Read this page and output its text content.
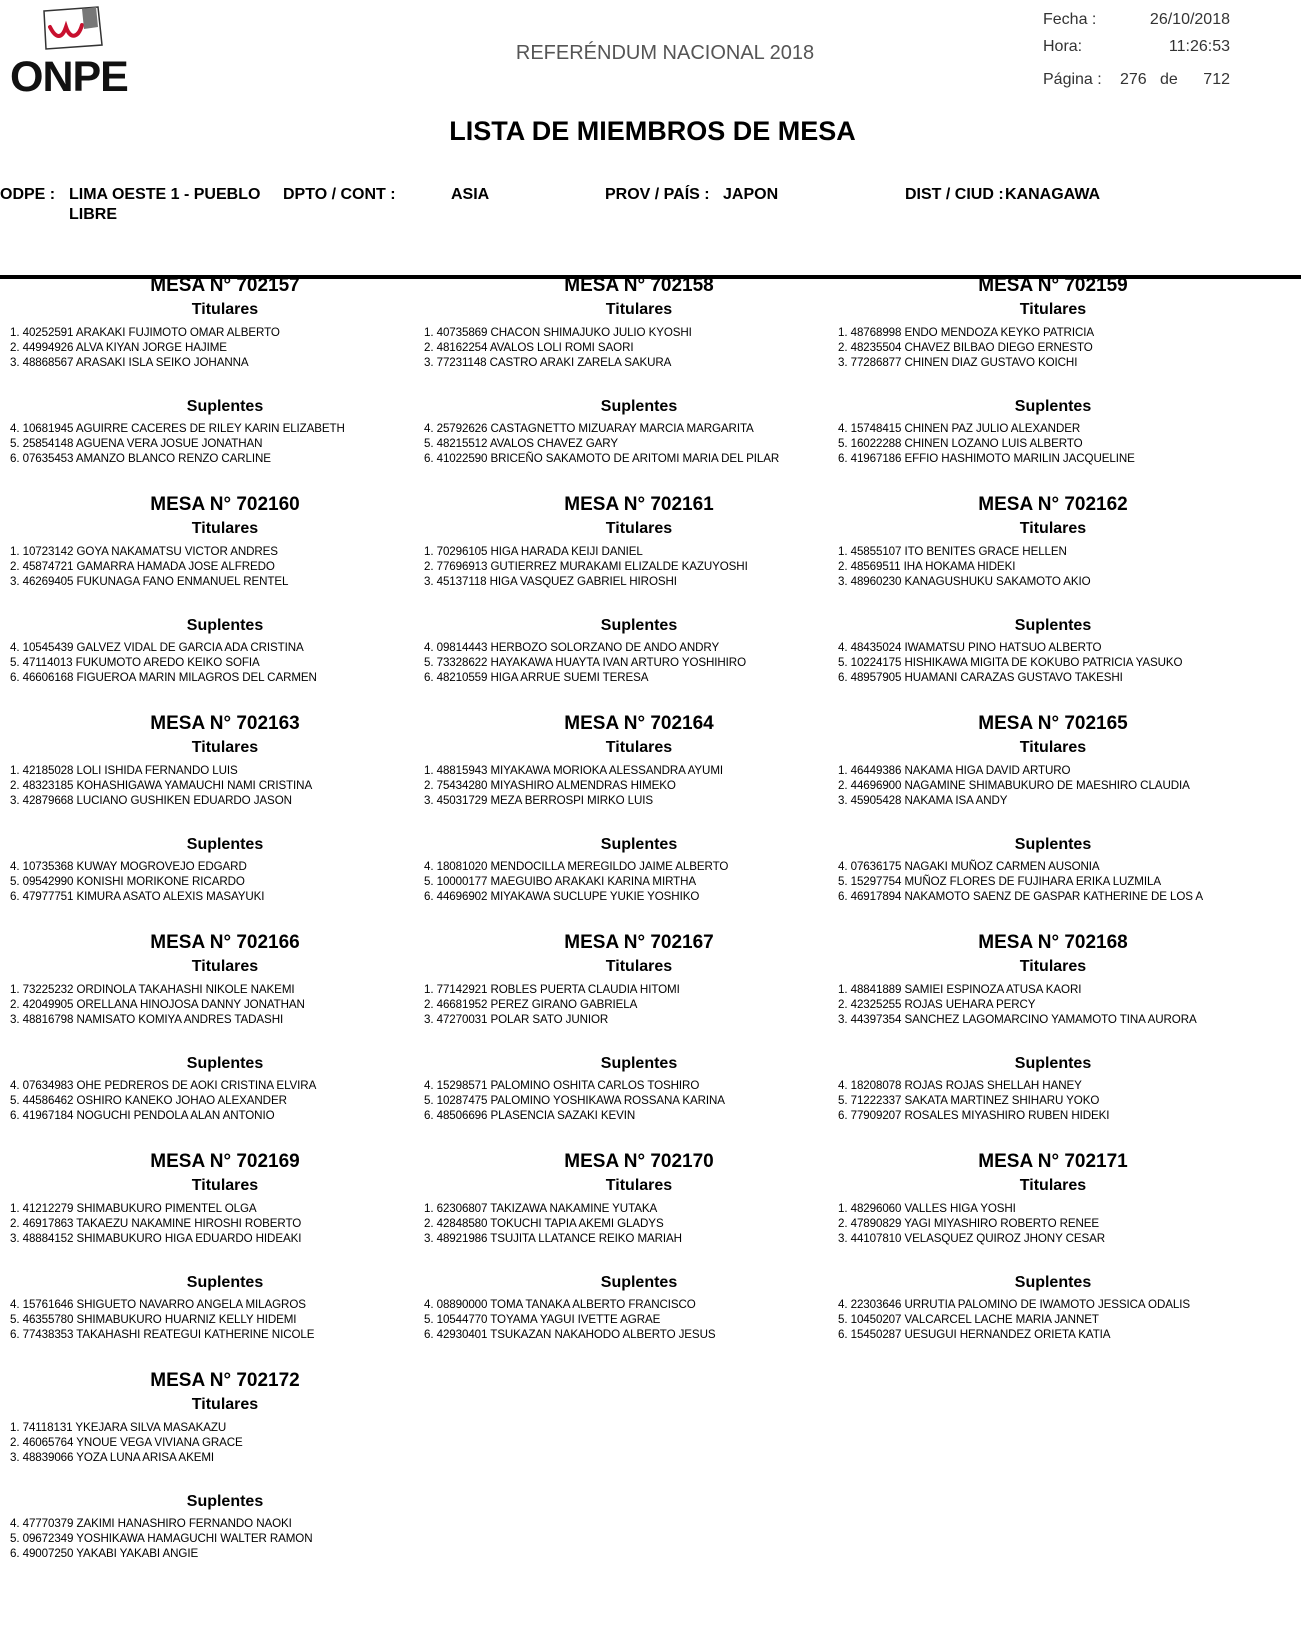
ONPE	REFERÉNDUM NACIONAL 2018
Fecha :	26/10/2018
Hora:	11:26:53
Página : 276 de	712
LISTA DE MIEMBROS DE MESA
ODPE : LIMA OESTE 1 - PUEBLO
LIBRE
DPTO / CONT :	ASIA	PROV / PAÍS : JAPON	DIST / CIUD : KANAGAWA
MESA N° 702157
Titulares
1. 40252591 ARAKAKI FUJIMOTO OMAR ALBERTO
2. 44994926 ALVA KIYAN JORGE HAJIME
3. 48868567 ARASAKI ISLA SEIKO JOHANNA
Suplentes
4. 10681945 AGUIRRE CACERES DE RILEY KARIN ELIZABETH
5. 25854148 AGUENA VERA JOSUE JONATHAN
6. 07635453 AMANZO BLANCO RENZO CARLINE
MESA N° 702158
Titulares
1. 40735869 CHACON SHIMAJUKO JULIO KYOSHI
2. 48162254 AVALOS LOLI ROMI SAORI
3. 77231148 CASTRO ARAKI ZARELA SAKURA
Suplentes
4. 25792626 CASTAGNETTO MIZUARAY MARCIA MARGARITA
5. 48215512 AVALOS CHAVEZ GARY
6. 41022590 BRICEÑO SAKAMOTO DE ARITOMI MARIA DEL PILAR
MESA N° 702159
Titulares
1. 48768998 ENDO MENDOZA KEYKO PATRICIA
2. 48235504 CHAVEZ BILBAO DIEGO ERNESTO
3. 77286877 CHINEN DIAZ GUSTAVO KOICHI
Suplentes
4. 15748415 CHINEN PAZ JULIO ALEXANDER
5. 16022288 CHINEN LOZANO LUIS ALBERTO
6. 41967186 EFFIO HASHIMOTO MARILIN JACQUELINE
MESA N° 702160
Titulares
1. 10723142 GOYA NAKAMATSU VICTOR ANDRES
2. 45874721 GAMARRA HAMADA JOSE ALFREDO
3. 46269405 FUKUNAGA FANO ENMANUEL RENTEL
Suplentes
4. 10545439 GALVEZ VIDAL DE GARCIA ADA CRISTINA
5. 47114013 FUKUMOTO AREDO KEIKO SOFIA
6. 46606168 FIGUEROA MARIN MILAGROS DEL CARMEN
MESA N° 702161
Titulares
1. 70296105 HIGA HARADA KEIJI DANIEL
2. 77696913 GUTIERREZ MURAKAMI ELIZALDE KAZUYOSHI
3. 45137118 HIGA VASQUEZ GABRIEL HIROSHI
Suplentes
4. 09814443 HERBOZO SOLORZANO DE ANDO ANDRY
5. 73328622 HAYAKAWA HUAYTA IVAN ARTURO YOSHIHIRO
6. 48210559 HIGA ARRUE SUEMI TERESA
MESA N° 702162
Titulares
1. 45855107 ITO BENITES GRACE HELLEN
2. 48569511 IHA HOKAMA HIDEKI
3. 48960230 KANAGUSHUKU SAKAMOTO AKIO
Suplentes
4. 48435024 IWAMATSU PINO HATSUO ALBERTO
5. 10224175 HISHIKAWA MIGITA DE KOKUBO PATRICIA YASUKO
6. 48957905 HUAMANI CARAZAS GUSTAVO TAKESHI
MESA N° 702163
Titulares
1. 42185028 LOLI ISHIDA FERNANDO LUIS
2. 48323185 KOHASHIGAWA YAMAUCHI NAMI CRISTINA
3. 42879668 LUCIANO GUSHIKEN EDUARDO JASON
Suplentes
4. 10735368 KUWAY MOGROVEJO EDGARD
5. 09542990 KONISHI MORIKONE RICARDO
6. 47977751 KIMURA ASATO ALEXIS MASAYUKI
MESA N° 702164
Titulares
1. 48815943 MIYAKAWA MORIOKA ALESSANDRA AYUMI
2. 75434280 MIYASHIRO ALMENDRAS HIMEKO
3. 45031729 MEZA BERROSPI MIRKO LUIS
Suplentes
4. 18081020 MENDOCILLA MEREGILDO JAIME ALBERTO
5. 10000177 MAEGUIBO ARAKAKI KARINA MIRTHA
6. 44696902 MIYAKAWA SUCLUPE YUKIE YOSHIKO
MESA N° 702165
Titulares
1. 46449386 NAKAMA HIGA DAVID ARTURO
2. 44696900 NAGAMINE SHIMABUKURO DE MAESHIRO CLAUDIA
3. 45905428 NAKAMA ISA ANDY
Suplentes
4. 07636175 NAGAKI MUÑOZ CARMEN AUSONIA
5. 15297754 MUÑOZ FLORES DE FUJIHARA ERIKA LUZMILA
6. 46917894 NAKAMOTO SAENZ DE GASPAR KATHERINE DE LOS A
MESA N° 702166
Titulares
1. 73225232 ORDINOLA TAKAHASHI NIKOLE NAKEMI
2. 42049905 ORELLANA HINOJOSA DANNY JONATHAN
3. 48816798 NAMISATO KOMIYA ANDRES TADASHI
Suplentes
4. 07634983 OHE PEDREROS DE AOKI CRISTINA ELVIRA
5. 44586462 OSHIRO KANEKO JOHAO ALEXANDER
6. 41967184 NOGUCHI PENDOLA ALAN ANTONIO
MESA N° 702167
Titulares
1. 77142921 ROBLES PUERTA CLAUDIA HITOMI
2. 46681952 PEREZ GIRANO GABRIELA
3. 47270031 POLAR SATO JUNIOR
Suplentes
4. 15298571 PALOMINO OSHITA CARLOS TOSHIRO
5. 10287475 PALOMINO YOSHIKAWA ROSSANA KARINA
6. 48506696 PLASENCIA SAZAKI KEVIN
MESA N° 702168
Titulares
1. 48841889 SAMIEI ESPINOZA ATUSA KAORI
2. 42325255 ROJAS UEHARA PERCY
3. 44397354 SANCHEZ LAGOMARCINO YAMAMOTO TINA AURORA
Suplentes
4. 18208078 ROJAS ROJAS SHELLAH HANEY
5. 71222337 SAKATA MARTINEZ SHIHARU YOKO
6. 77909207 ROSALES MIYASHIRO RUBEN HIDEKI
MESA N° 702169
Titulares
1. 41212279 SHIMABUKURO PIMENTEL OLGA
2. 46917863 TAKAEZU NAKAMINE HIROSHI ROBERTO
3. 48884152 SHIMABUKURO HIGA EDUARDO HIDEAKI
Suplentes
4. 15761646 SHIGUETO NAVARRO ANGELA MILAGROS
5. 46355780 SHIMABUKURO HUARNIZ KELLY HIDEMI
6. 77438353 TAKAHASHI REATEGUI KATHERINE NICOLE
MESA N° 702170
Titulares
1. 62306807 TAKIZAWA NAKAMINE YUTAKA
2. 42848580 TOKUCHI TAPIA AKEMI GLADYS
3. 48921986 TSUJITA LLATANCE REIKO MARIAH
Suplentes
4. 08890000 TOMA TANAKA ALBERTO FRANCISCO
5. 10544770 TOYAMA YAGUI IVETTE AGRAE
6. 42930401 TSUKAZAN NAKAHODO ALBERTO JESUS
MESA N° 702171
Titulares
1. 48296060 VALLES HIGA YOSHI
2. 47890829 YAGI MIYASHIRO ROBERTO RENEE
3. 44107810 VELASQUEZ QUIROZ JHONY CESAR
Suplentes
4. 22303646 URRUTIA PALOMINO DE IWAMOTO JESSICA ODALIS
5. 10450207 VALCARCEL LACHE MARIA JANNET
6. 15450287 UESUGUI HERNANDEZ ORIETA KATIA
MESA N° 702172
Titulares
1. 74118131 YKEJARA SILVA MASAKAZU
2. 46065764 YNOUE VEGA VIVIANA GRACE
3. 48839066 YOZA LUNA ARISA AKEMI
Suplentes
4. 47770379 ZAKIMI HANASHIRO FERNANDO NAOKI
5. 09672349 YOSHIKAWA HAMAGUCHI WALTER RAMON
6. 49007250 YAKABI YAKABI ANGIE
